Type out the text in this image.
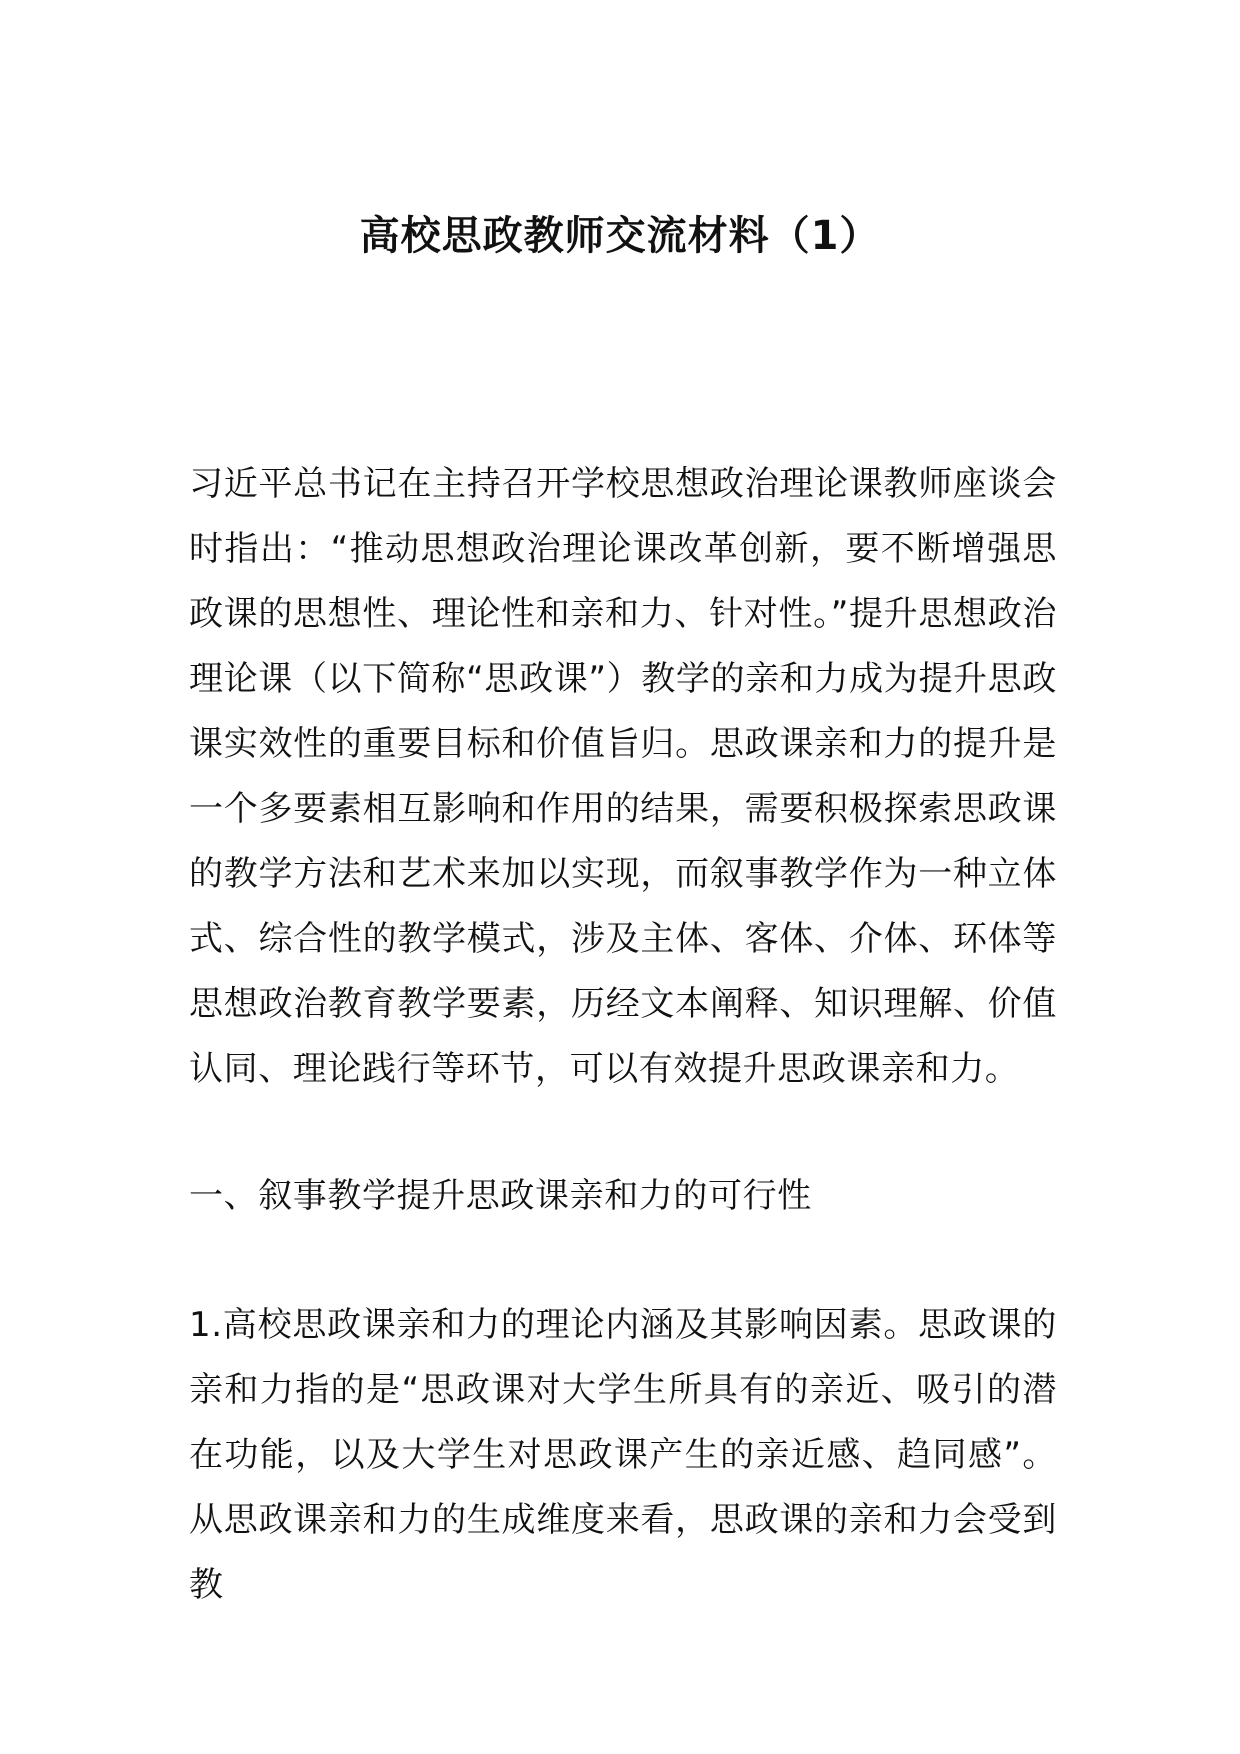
高校思政教师交流材料（1）

习近平总书记在主持召开学校思想政治理论课教师座谈会时指出：“推动思想政治理论课改革创新，要不断增强思政课的思想性、理论性和亲和力、针对性。”提升思想政治理论课（以下简称“思政课”）教学的亲和力成为提升思政课实效性的重要目标和价值旨归。思政课亲和力的提升是一个多要素相互影响和作用的结果，需要积极探索思政课的教学方法和艺术来加以实现，而叙事教学作为一种立体式、综合性的教学模式，涉及主体、客体、介体、环体等思想政治教育教学要素，历经文本阐释、知识理解、价值认同、理论践行等环节，可以有效提升思政课亲和力。

一、叙事教学提升思政课亲和力的可行性

1.高校思政课亲和力的理论内涵及其影响因素。思政课的亲和力指的是“思政课对大学生所具有的亲近、吸引的潜在功能，以及大学生对思政课产生的亲近感、趋同感”。从思政课亲和力的生成维度来看，思政课的亲和力会受到教
